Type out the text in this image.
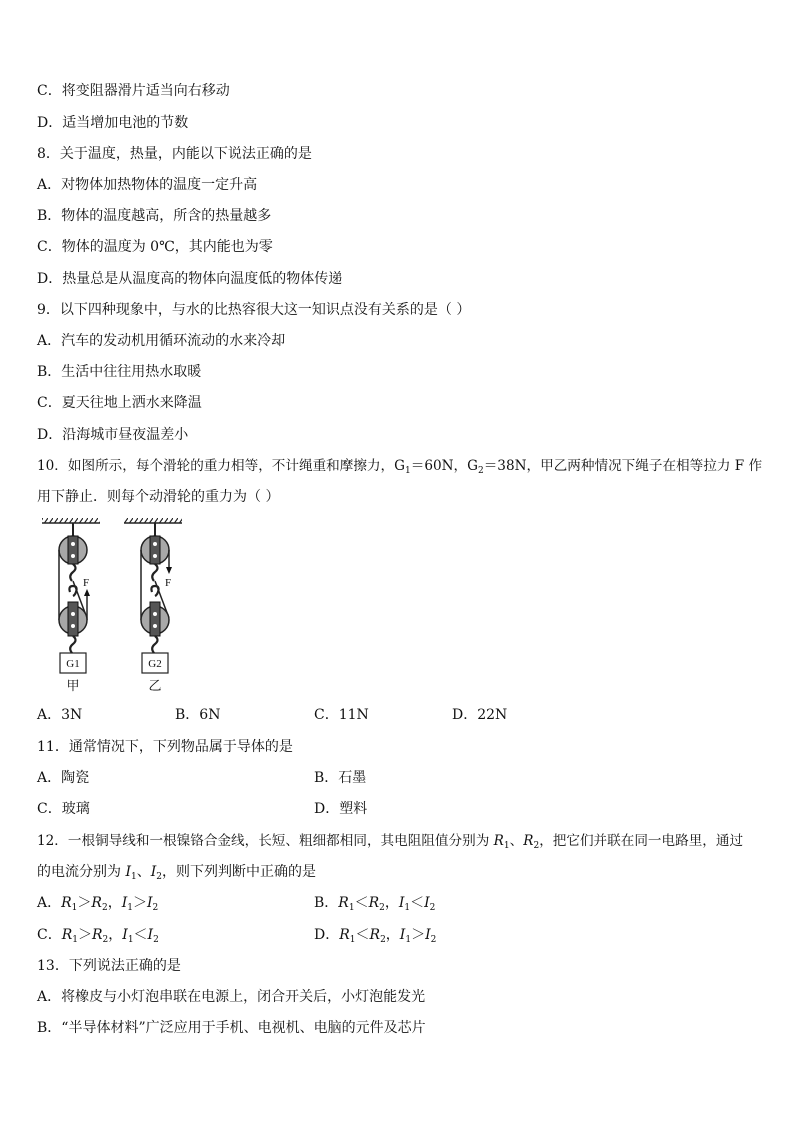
C．将变阻器滑片适当向右移动
D．适当增加电池的节数
8．关于温度，热量，内能以下说法正确的是
A．对物体加热物体的温度一定升高
B．物体的温度越高，所含的热量越多
C．物体的温度为 0℃，其内能也为零
D．热量总是从温度高的物体向温度低的物体传递
9．以下四种现象中，与水的比热容很大这一知识点没有关系的是（ ）
A．汽车的发动机用循环流动的水来冷却
B．生活中往往用热水取暖
C．夏天往地上洒水来降温
D．沿海城市昼夜温差小
10．如图所示，每个滑轮的重力相等，不计绳重和摩擦力，$G_1=60N$，$G_2=38N$，甲乙两种情况下绳子在相等拉力 F 作
用下静止．则每个动滑轮的重力为（ ）
F
G1
甲
F
G2
乙
A．3N	B．6N	C．11N	D．22N
11．通常情况下，下列物品属于导体的是
A．陶瓷	B．石墨
C．玻璃	D．塑料
12．一根铜导线和一根镍铬合金线，长短、粗细都相同，其电阻阻值分别为 $R_1$、$R_2$，把它们并联在同一电路里，通过
的电流分别为 $I_1$、$I_2$，则下列判断中正确的是
A．$R_1>R_2$，$I_1>I_2$	B．$R_1<R_2$，$I_1<I_2$
C．$R_1>R_2$，$I_1<I_2$	D．$R_1<R_2$，$I_1>I_2$
13．下列说法正确的是
A．将橡皮与小灯泡串联在电源上，闭合开关后，小灯泡能发光
B．“半导体材料”广泛应用于手机、电视机、电脑的元件及芯片
